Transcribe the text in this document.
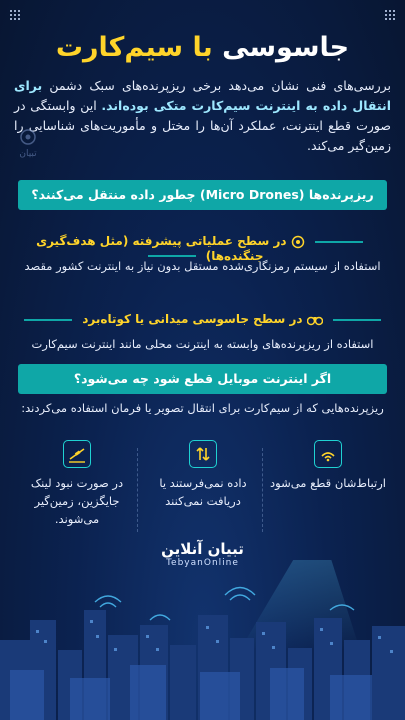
جاسوسی با سیم‌کارت
بررسی‌های فنی نشان می‌دهد برخی ریزپرنده‌های سبک دشمن برای انتقال داده به اینترنت سیم‌کارت متکی بوده‌اند. این وابستگی در صورت قطع اینترنت، عملکرد آن‌ها را مختل و مأموریت‌های شناسایی را زمین‌گیر می‌کند.
تبیان
ریزپرنده‌ها (Micro Drones) چطور داده منتقل می‌کنند؟
در سطح عملیاتی پیشرفته (مثل هدف‌گیری جنگنده‌ها)
استفاده از سیستم رمزنگاری‌شده مستقل بدون نیاز به اینترنت کشور مقصد
در سطح جاسوسی میدانی یا کوتاه‌برد
استفاده از ریزپرنده‌های وابسته به اینترنت محلی مانند اینترنت سیم‌کارت
اگر اینترنت موبایل قطع شود چه می‌شود؟
ریزپرنده‌هایی که از سیم‌کارت برای انتقال تصویر یا فرمان استفاده می‌کردند:
ارتباط‌شان قطع می‌شود
داده نمی‌فرستند یا دریافت نمی‌کنند
در صورت نبود لینک جایگزین، زمین‌گیر می‌شوند.
تبیان آنلاین
TebyanOnline
